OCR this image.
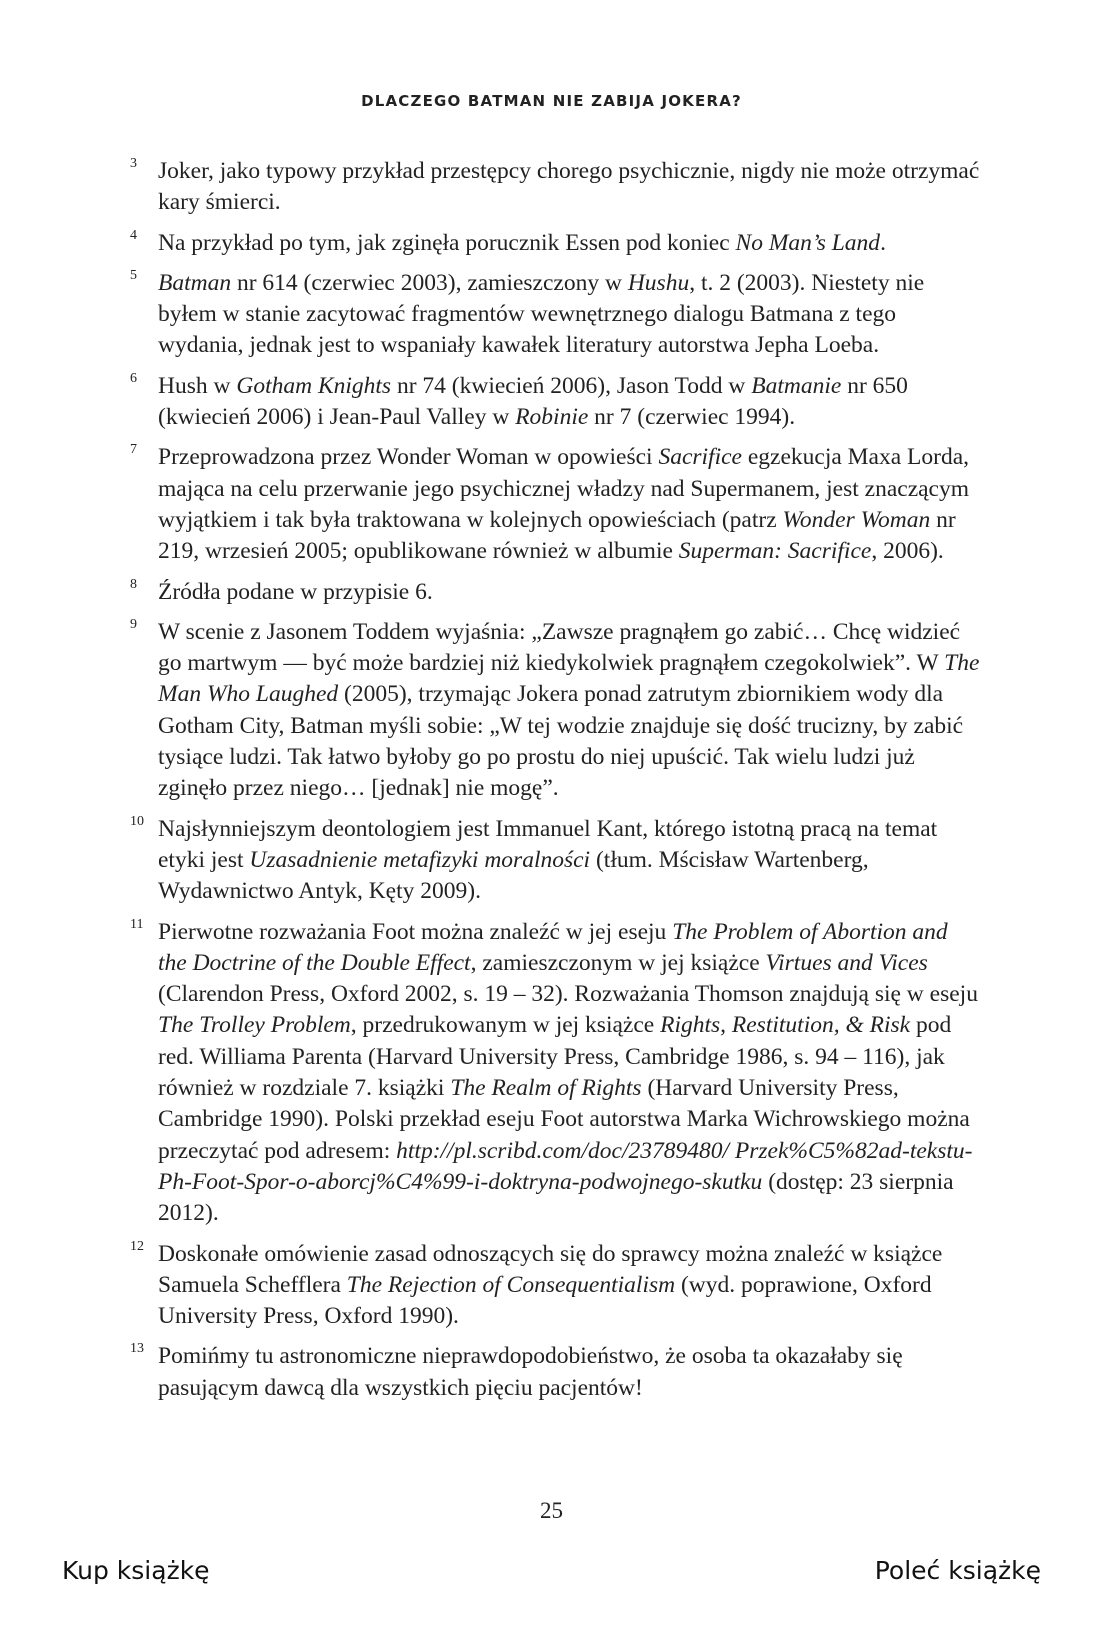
DLACZEGO BATMAN NIE ZABIJA JOKERA?
3 Joker, jako typowy przykład przestępcy chorego psychicznie, nigdy nie może otrzymać kary śmierci.
4 Na przykład po tym, jak zginęła porucznik Essen pod koniec No Man’s Land.
5 Batman nr 614 (czerwiec 2003), zamieszczony w Hushu, t. 2 (2003). Niestety nie byłem w stanie zacytować fragmentów wewnętrznego dialogu Batmana z tego wydania, jednak jest to wspaniały kawałek literatury autorstwa Jepha Loeba.
6 Hush w Gotham Knights nr 74 (kwiecień 2006), Jason Todd w Batmanie nr 650 (kwiecień 2006) i Jean-Paul Valley w Robinie nr 7 (czerwiec 1994).
7 Przeprowadzona przez Wonder Woman w opowieści Sacrifice egzekucja Maxa Lorda, mająca na celu przerwanie jego psychicznej władzy nad Supermanem, jest znaczącym wyjątkiem i tak była traktowana w kolejnych opowieściach (patrz Wonder Woman nr 219, wrzesień 2005; opublikowane również w albumie Superman: Sacrifice, 2006).
8 Źródła podane w przypisie 6.
9 W scenie z Jasonem Toddem wyjaśnia: „Zawsze pragnąłem go zabić… Chcę widzieć go martwym — być może bardziej niż kiedykolwiek pragnąłem czegokolwiek”. W The Man Who Laughed (2005), trzymając Jokera ponad zatrutym zbiornikiem wody dla Gotham City, Batman myśli sobie: „W tej wodzie znajduje się dość trucizny, by zabić tysiące ludzi. Tak łatwo byłoby go po prostu do niej upuścić. Tak wielu ludzi już zginęło przez niego… [jednak] nie mogę”.
10 Najsłynniejszym deontologiem jest Immanuel Kant, którego istotną pracą na temat etyki jest Uzasadnienie metafizyki moralności (tłum. Mścisław Wartenberg, Wydawnictwo Antyk, Kęty 2009).
11 Pierwotne rozważania Foot można znaleźć w jej eseju The Problem of Abortion and the Doctrine of the Double Effect, zamieszczonym w jej książce Virtues and Vices (Clarendon Press, Oxford 2002, s. 19 – 32). Rozważania Thomson znajdują się w eseju The Trolley Problem, przedrukowanym w jej książce Rights, Restitution, & Risk pod red. Williama Parenta (Harvard University Press, Cambridge 1986, s. 94 – 116), jak również w rozdziale 7. książki The Realm of Rights (Harvard University Press, Cambridge 1990). Polski przekład eseju Foot autorstwa Marka Wichrowskiego można przeczytać pod adresem: http://pl.scribd.com/doc/23789480/ Przek%C5%82ad-tekstu-Ph-Foot-Spor-o-aborcj%C4%99-i-doktryna-podwojnego-skutku (dostęp: 23 sierpnia 2012).
12 Doskonałe omówienie zasad odnoszących się do sprawcy można znaleźć w książce Samuela Schefflera The Rejection of Consequentialism (wyd. poprawione, Oxford University Press, Oxford 1990).
13 Pomińmy tu astronomiczne nieprawdopodobieństwo, że osoba ta okazałaby się pasującym dawcą dla wszystkich pięciu pacjentów!
25
Kup książkę	Poleć książkę
